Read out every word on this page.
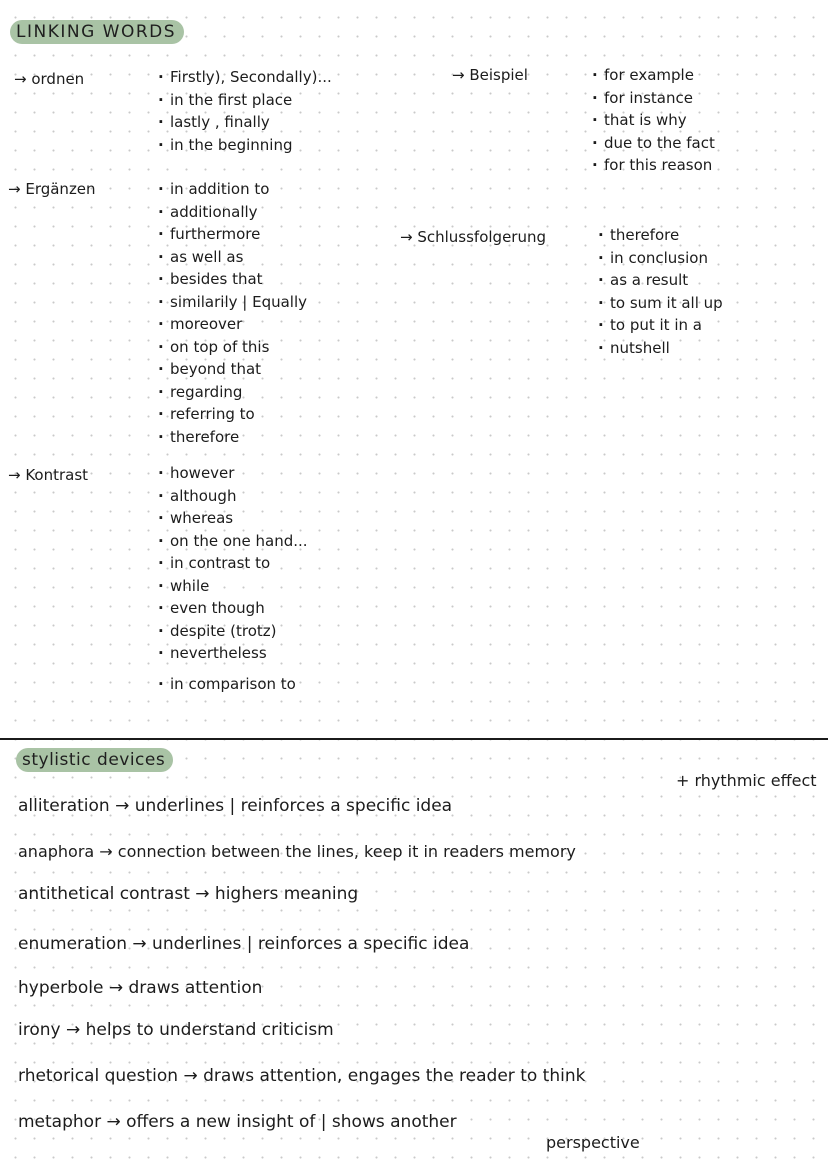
LINKING WORDS
→ ordnen	· Firstly), Secondally)...
· in the first place
· lastly , finally
· in the beginning
→ Beispiel	· for example
· for instance
· that is why
· due to the fact
· for this reason
→ Ergänzen	· in addition to
· additionally
· furthermore
· as well as
· besides that
· similarily | Equally
· moreover
· on top of this
· beyond that
· regarding
· referring to
· therefore
→ Schlussfolgerung	· therefore
· in conclusion
· as a result
· to sum it all up
· to put it in a
· nutshell
→ Kontrast	· however
· although
· whereas
· on the one hand...
· in contrast to
· while
· even though
· despite (trotz)
· nevertheless
· in comparison to
stylistic devices
+ rhythmic effect
alliteration → underlines | reinforces a specific idea
anaphora → connection between the lines, keep it in readers memory
antithetical contrast → highers meaning
enumeration → underlines | reinforces a specific idea
hyperbole → draws attention
irony → helps to understand criticism
rhetorical question → draws attention, engages the reader to think
metaphor → offers a new insight of | shows another
perspective
